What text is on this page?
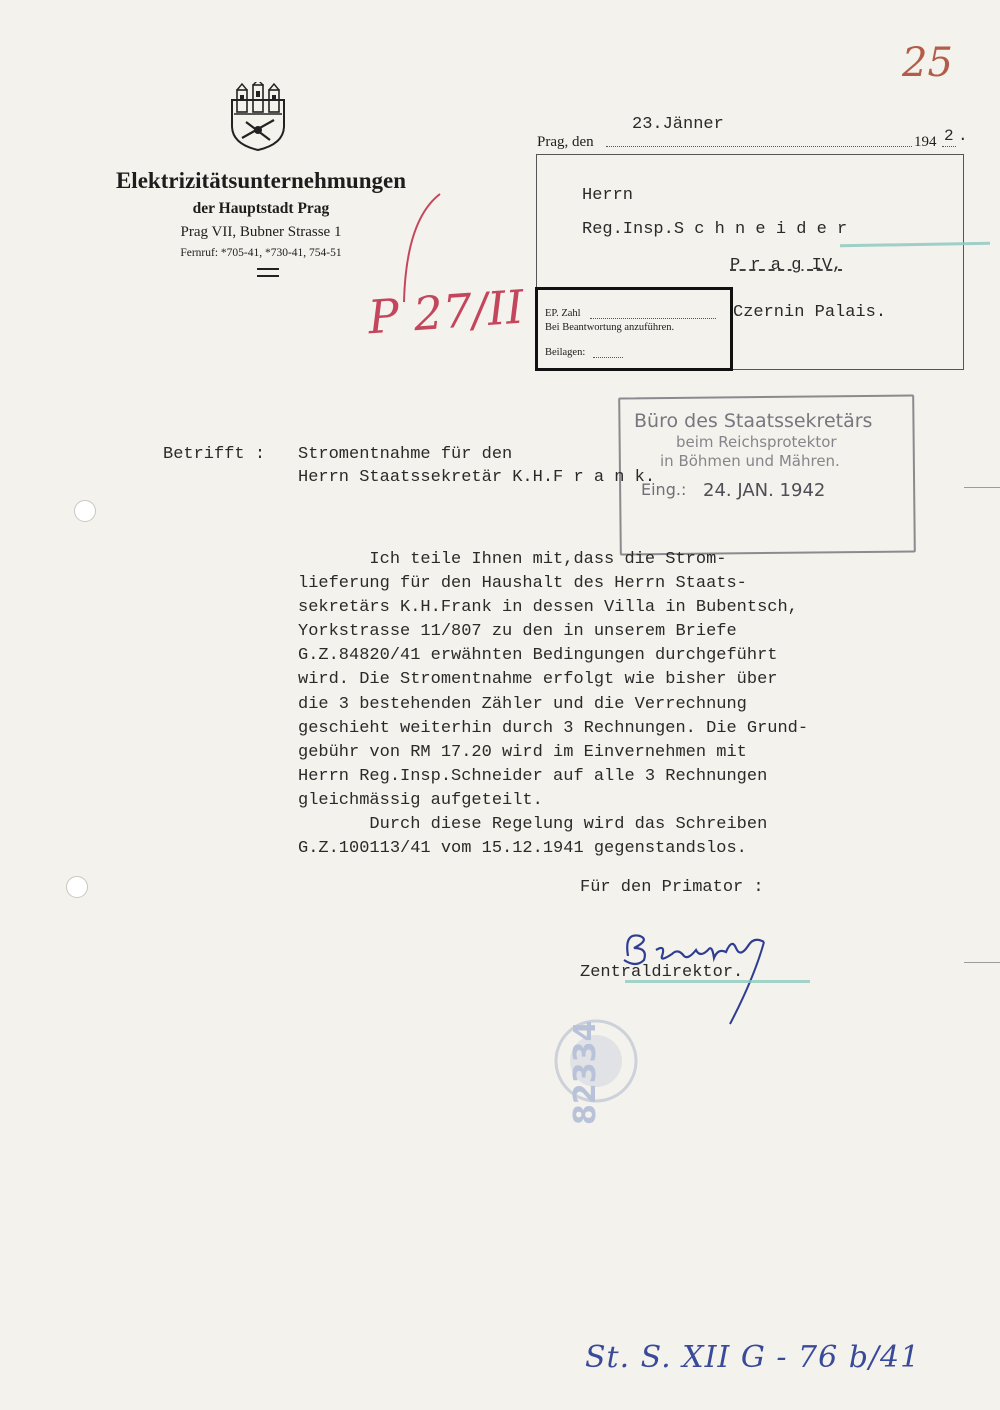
Elektrizitätsunternehmungen
der Hauptstadt Prag
Prag VII, Bubner Strasse 1
Fernruf: *705-41, *730-41, 754-51
Prag, den
23.Jänner
194 2 .
Herrn
Reg.Insp.S c h n e i d e r
P r a g IV,
Czernin Palais.
EP. Zahl
Bei Beantwortung anzuführen.
Beilagen:
P 27/II
25
Büro des Staatssekretärs
beim Reichsprotektor
in Böhmen und Mähren.
Eing.: 24. JAN. 1942
Betrifft : Stromentnahme für den
Herrn Staatssekretär K.H.F r a n k.
Ich teile Ihnen mit,dass die Strom-
lieferung für den Haushalt des Herrn Staats-
sekretärs K.H.Frank in dessen Villa in Bubentsch,
Yorkstrasse 11/807 zu den in unserem Briefe
G.Z.84820/41 erwähnten Bedingungen durchgeführt
wird. Die Stromentnahme erfolgt wie bisher über
die 3 bestehenden Zähler und die Verrechnung
geschieht weiterhin durch 3 Rechnungen. Die Grund-
gebühr von RM 17.20 wird im Einvernehmen mit
Herrn Reg.Insp.Schneider auf alle 3 Rechnungen
gleichmässig aufgeteilt.
Durch diese Regelung wird das Schreiben
G.Z.100113/41 vom 15.12.1941 gegenstandslos.
Für den Primator :
Zentraldirektor.
82334
St. S. XII G - 76 b/41
